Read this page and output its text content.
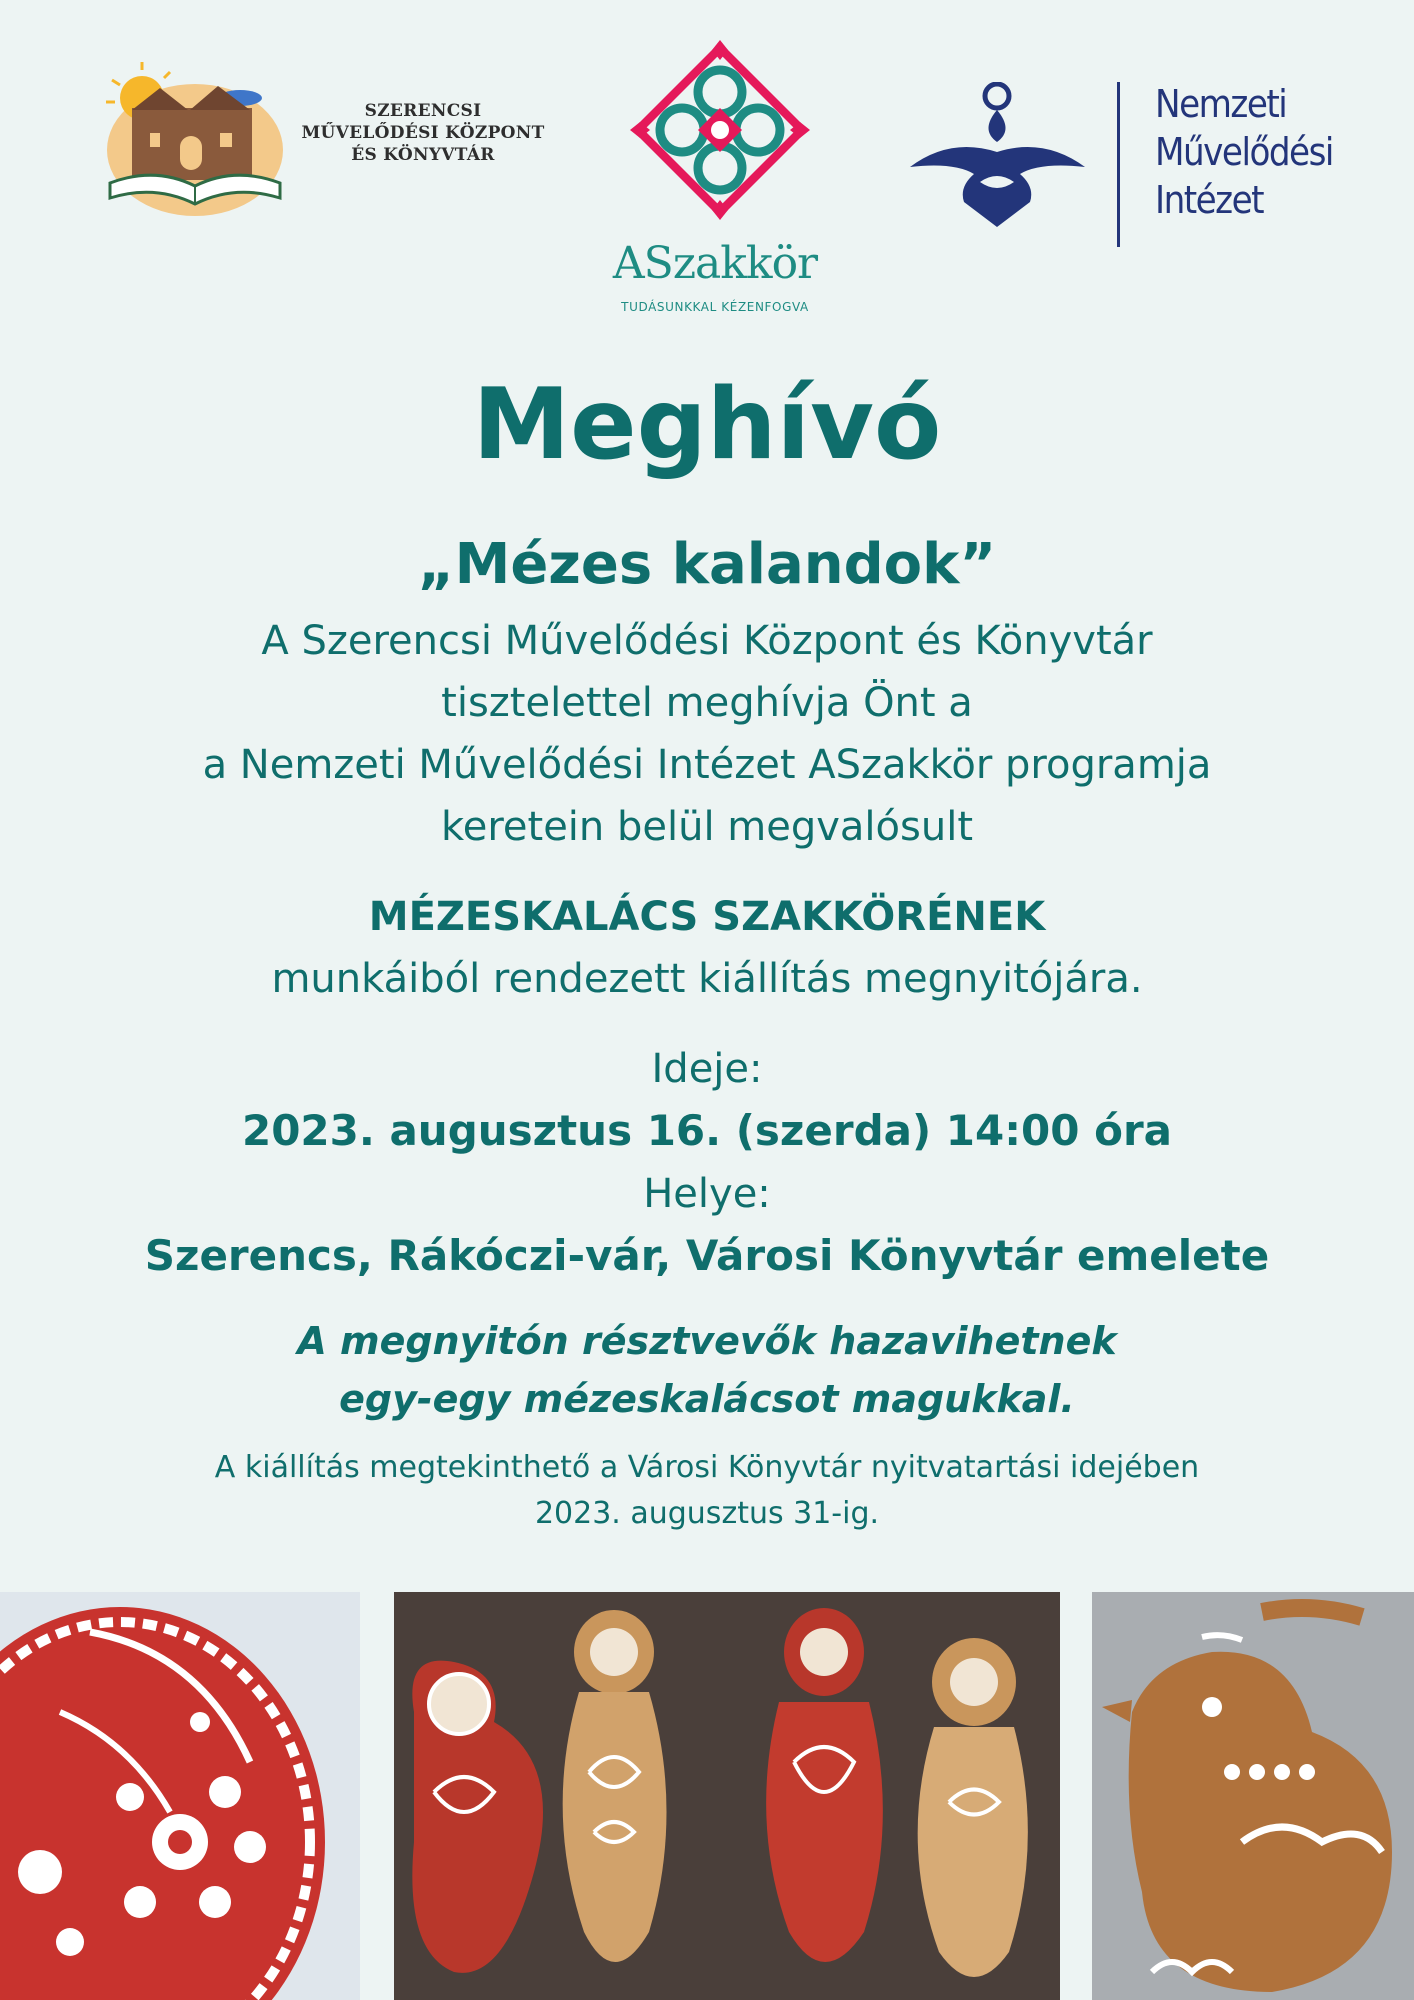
SZERENCSI
MŰVELŐDÉSI KÖZPONT
ÉS KÖNYVTÁR
ASzakkör
TUDÁSUNKKAL KÉZENFOGVA
Nemzeti
Művelődési
Intézet
Meghívó
„Mézes kalandok”
A Szerencsi Művelődési Központ és Könyvtár
tisztelettel meghívja Önt a
a Nemzeti Művelődési Intézet ASzakkör programja
keretein belül megvalósult
MÉZESKALÁCS SZAKKÖRÉNEK
munkáiból rendezett kiállítás megnyitójára.
Ideje:
2023. augusztus 16. (szerda) 14:00 óra
Helye:
Szerencs, Rákóczi-vár, Városi Könyvtár emelete
A megnyitón résztvevők hazavihetnek
egy-egy mézeskalácsot magukkal.
A kiállítás megtekinthető a Városi Könyvtár nyitvatartási idejében
2023. augusztus 31-ig.
